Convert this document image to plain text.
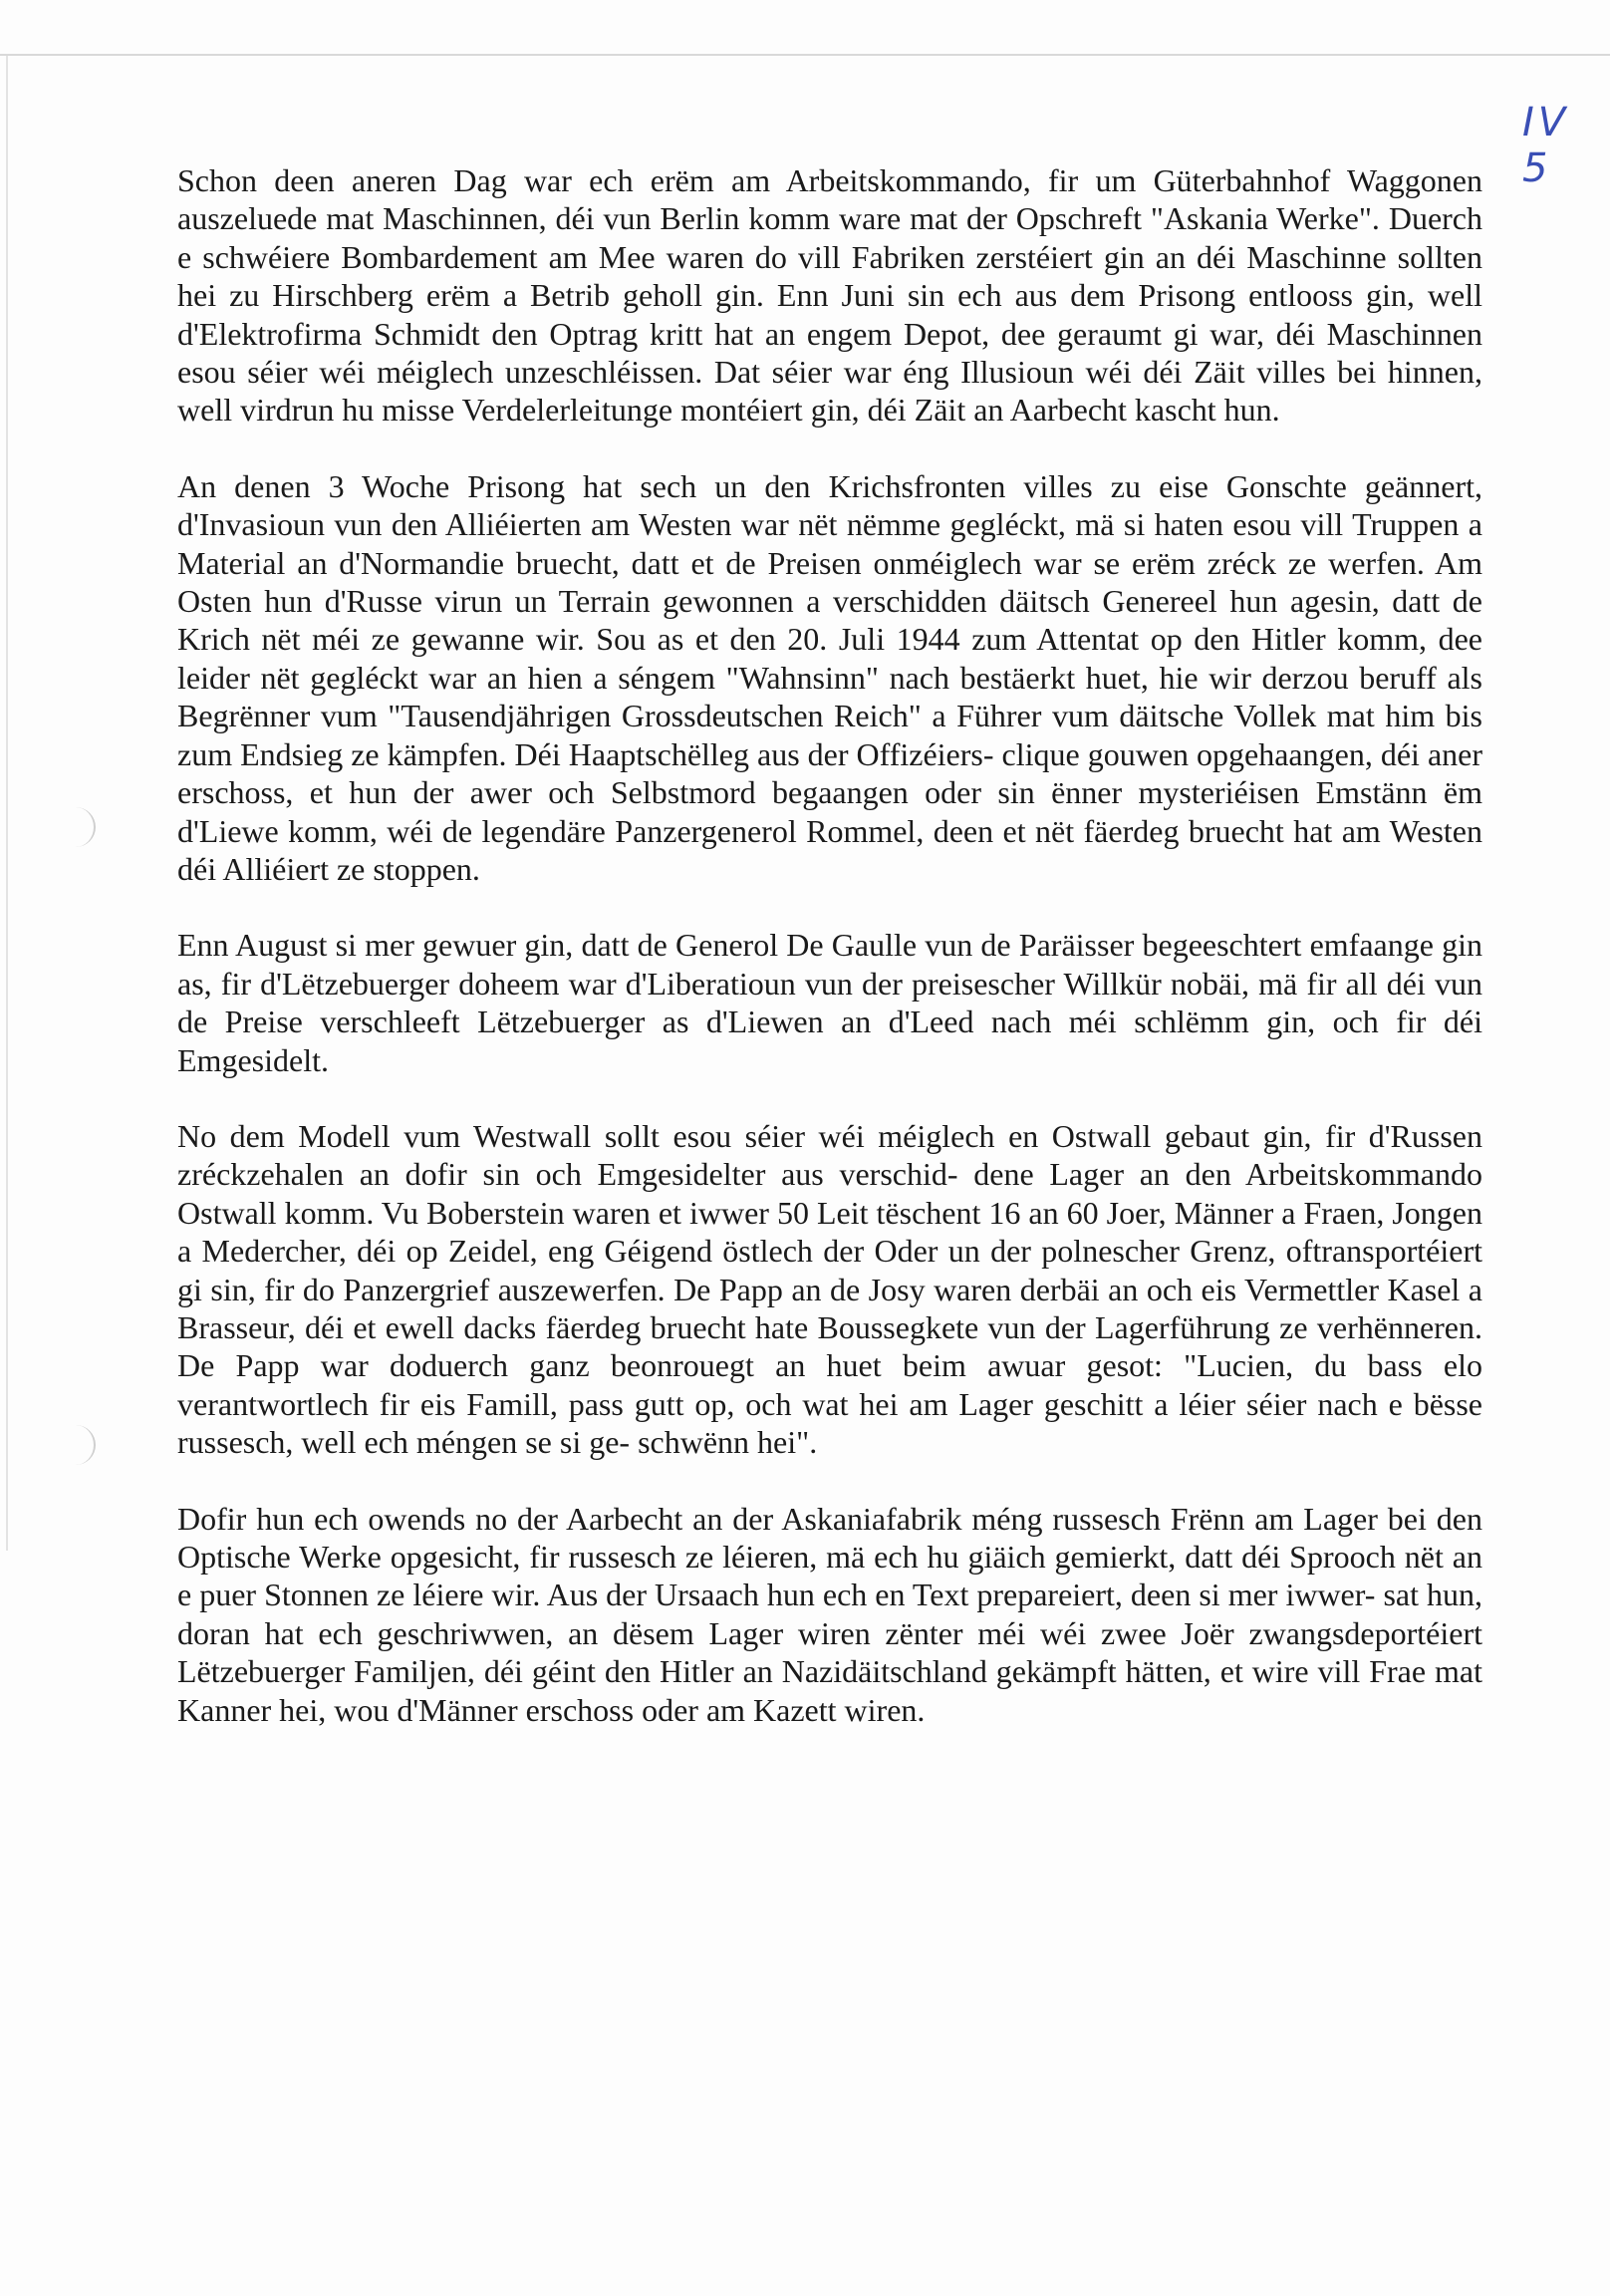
IV 5

Schon deen aneren Dag war ech erëm am Arbeitskommando, fir um Güterbahnhof Waggonen auszeluede mat Maschinnen, déi vun Berlin komm ware mat der Opschreft "Askania Werke". Duerch e schwéiere Bombardement am Mee waren do vill Fabriken zerstéiert gin an déi Maschinne sollten hei zu Hirschberg erëm a Betrib geholl gin. Enn Juni sin ech aus dem Prisong entlooss gin, well d'Elektrofirma Schmidt den Optrag kritt hat an engem Depot, dee geraumt gi war, déi Maschinnen esou séier wéi méiglech unzeschléissen. Dat séier war éng Illusioun wéi déi Zäit villes bei hinnen, well virdrun hu misse Verdelerleitunge montéiert gin, déi Zäit an Aarbecht kascht hun.

An denen 3 Woche Prisong hat sech un den Krichsfronten villes zu eise Gonschte geännert, d'Invasioun vun den Alliéierten am Westen war nët nëmme gegléckt, mä si haten esou vill Truppen a Material an d'Normandie bruecht, datt et de Preisen onméiglech war se erëm zréck ze werfen. Am Osten hun d'Russe virun un Terrain gewonnen a verschidden däitsch Genereel hun agesin, datt de Krich nët méi ze gewanne wir. Sou as et den 20. Juli 1944 zum Attentat op den Hitler komm, dee leider nët gegléckt war an hien a séngem "Wahnsinn" nach bestäerkt huet, hie wir derzou beruff als Begrënner vum "Tausendjährigen Grossdeutschen Reich" a Führer vum däitsche Vollek mat him bis zum Endsieg ze kämpfen. Déi Haaptschëlleg aus der Offizéiers- clique gouwen opgehaangen, déi aner erschoss, et hun der awer och Selbstmord begaangen oder sin ënner mysteriéisen Emstänn ëm d'Liewe komm, wéi de legendäre Panzergenerol Rommel, deen et nët fäerdeg bruecht hat am Westen déi Alliéiert ze stoppen.

Enn August si mer gewuer gin, datt de Generol De Gaulle vun de Paräisser begeeschtert emfaange gin as, fir d'Lëtzebuerger doheem war d'Liberatioun vun der preisescher Willkür nobäi, mä fir all déi vun de Preise verschleeft Lëtzebuerger as d'Liewen an d'Leed nach méi schlëmm gin, och fir déi Emgesidelt.

No dem Modell vum Westwall sollt esou séier wéi méiglech en Ostwall gebaut gin, fir d'Russen zréckzehalen an dofir sin och Emgesidelter aus verschid- dene Lager an den Arbeitskommando Ostwall komm. Vu Boberstein waren et iwwer 50 Leit tëschent 16 an 60 Joer, Männer a Fraen, Jongen a Medercher, déi op Zeidel, eng Géigend östlech der Oder un der polnescher Grenz, oftransportéiert gi sin, fir do Panzergrief auszewerfen. De Papp an de Josy waren derbäi an och eis Vermettler Kasel a Brasseur, déi et ewell dacks fäerdeg bruecht hate Boussegkete vun der Lagerführung ze verhënneren. De Papp war doduerch ganz beonrouegt an huet beim awuar gesot: "Lucien, du bass elo verantwortlech fir eis Famill, pass gutt op, och wat hei am Lager geschitt a léier séier nach e bësse russesch, well ech méngen se si ge- schwënn hei".

Dofir hun ech owends no der Aarbecht an der Askaniafabrik méng russesch Frënn am Lager bei den Optische Werke opgesicht, fir russesch ze léieren, mä ech hu giäich gemierkt, datt déi Sprooch nët an e puer Stonnen ze léiere wir. Aus der Ursaach hun ech en Text prepareiert, deen si mer iwwer- sat hun, doran hat ech geschriwwen, an dësem Lager wiren zënter méi wéi zwee Joër zwangsdeportéiert Lëtzebuerger Familjen, déi géint den Hitler an Nazidäitschland gekämpft hätten, et wire vill Frae mat Kanner hei, wou d'Männer erschoss oder am Kazett wiren.
